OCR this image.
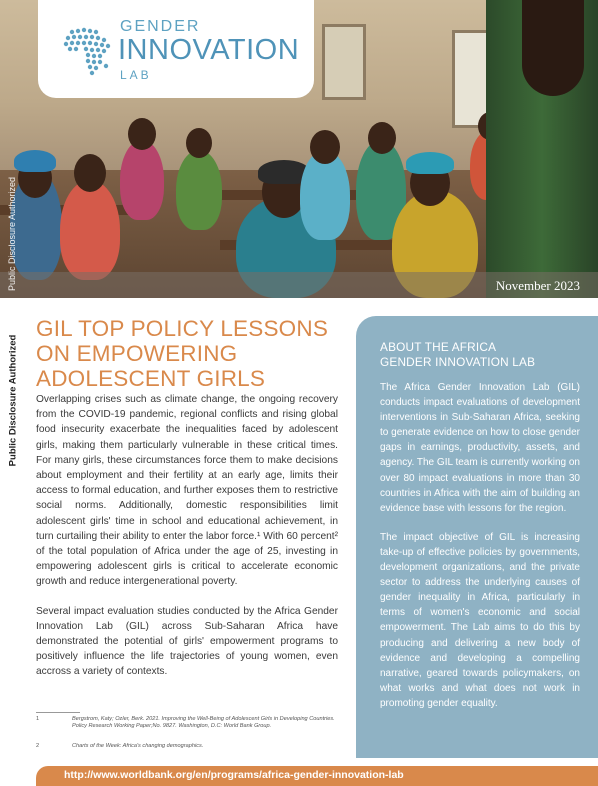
November 2023
Public Disclosure Authorized
GENDER
INNOVATION
LAB
Public Disclosure Authorized
GIL TOP POLICY LESSONS
ON EMPOWERING
ADOLESCENT GIRLS

Overlapping crises such as climate change, the ongoing recovery from the COVID-19 pandemic, regional conflicts and rising global food insecurity exacerbate the inequalities faced by adolescent girls, making them particularly vulnerable in these critical times. For many girls, these circumstances force them to make decisions about employment and their fertility at an early age, limits their access to formal education, and further exposes them to restrictive social norms. Additionally, domestic responsibilities limit adolescent girls' time in school and educational achievement, in turn curtailing their ability to enter the labor force.¹ With 60 percent² of the total population of Africa under the age of 25, investing in empowering adolescent girls is critical to accelerate economic growth and reduce intergenerational poverty.

Several impact evaluation studies conducted by the Africa Gender Innovation Lab (GIL) across Sub-Saharan Africa have demonstrated the potential of girls' empowerment programs to positively influence the life trajectories of young women, even accross a variety of contexts.

1	Bergstrom, Katy; Ozler, Berk. 2021. Improving the Well-Being of Adolescent Girls in Developing Countries. Policy Research Working Paper;No. 9827. Washington, D.C: World Bank Group.
2	Charts of the Week: Africa's changing demographics.
ABOUT THE AFRICA
GENDER INNOVATION LAB

The Africa Gender Innovation Lab (GIL) conducts impact evaluations of development interventions in Sub-Saharan Africa, seeking to generate evidence on how to close gender gaps in earnings, productivity, assets, and agency. The GIL team is currently working on over 80 impact evaluations in more than 30 countries in Africa with the aim of building an evidence base with lessons for the region.

The impact objective of GIL is increasing take-up of effective policies by governments, development organizations, and the private sector to address the underlying causes of gender inequality in Africa, particularly in terms of women's economic and social empowerment. The Lab aims to do this by producing and delivering a new body of evidence and developing a compelling narrative, geared towards policymakers, on what works and what does not work in promoting gender equality.

http://www.worldbank.org/en/programs/africa-gender-innovation-lab
